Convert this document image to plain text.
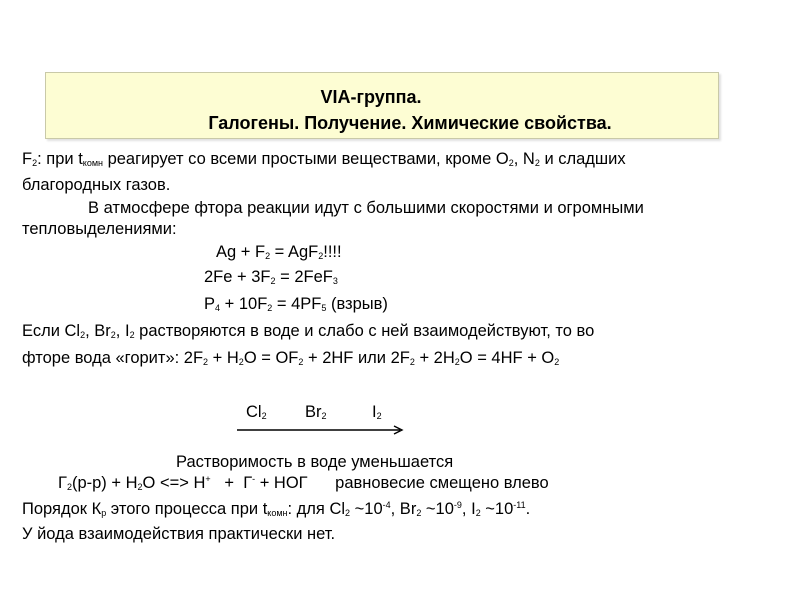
VIA-группа.
Галогены. Получение. Химические свойства.
$F_2$: при $t_{комн}$ реагирует со всеми простыми веществами, кроме $O_2$, $N_2$ и сладших
благородных газов.
В атмосфере фтора реакции идут с большими скоростями и огромными
тепловыделениями:
$Ag + F_2 = AgF_2$!!!!
$2Fe + 3F_2 = 2FeF_3$
$P_4 + 10F_2 = 4PF_5$ (взрыв)
Если $Cl_2$, $Br_2$, $I_2$ растворяются в воде и слабо с ней взаимодействуют, то во
фторе вода «горит»: $2F_2 + H_2O = OF_2 + 2HF$ или $2F_2 + 2H_2O = 4HF + O_2$
$Cl_2$ $Br_2$	$I_2$
Растворимость в воде уменьшается
$Г_2(р-р) + H_2O$ <=> H+   +  Г- + НОГ равновесие смещено влево
Порядок $К_р$ этого процесса при $t_{комн}$: для $Cl_2$ $\sim 10^{-4}$, $Br_2$ $\sim 10^{-9}$, $I_2$ $\sim 10^{-11}$.
У йода взаимодействия практически нет.
